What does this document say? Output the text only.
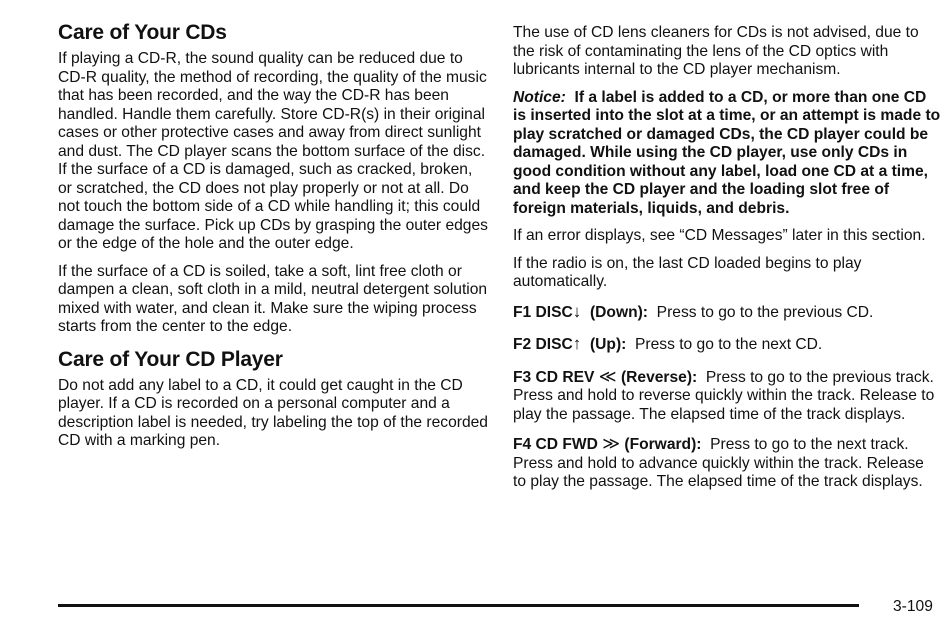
Care of Your CDs

If playing a CD-R, the sound quality can be reduced due to CD-R quality, the method of recording, the quality of the music that has been recorded, and the way the CD-R has been handled. Handle them carefully. Store CD-R(s) in their original cases or other protective cases and away from direct sunlight and dust. The CD player scans the bottom surface of the disc. If the surface of a CD is damaged, such as cracked, broken, or scratched, the CD does not play properly or not at all. Do not touch the bottom side of a CD while handling it; this could damage the surface. Pick up CDs by grasping the outer edges or the edge of the hole and the outer edge.

If the surface of a CD is soiled, take a soft, lint free cloth or dampen a clean, soft cloth in a mild, neutral detergent solution mixed with water, and clean it. Make sure the wiping process starts from the center to the edge.

Care of Your CD Player

Do not add any label to a CD, it could get caught in the CD player. If a CD is recorded on a personal computer and a description label is needed, try labeling the top of the recorded CD with a marking pen.

The use of CD lens cleaners for CDs is not advised, due to the risk of contaminating the lens of the CD optics with lubricants internal to the CD player mechanism.

Notice: If a label is added to a CD, or more than one CD is inserted into the slot at a time, or an attempt is made to play scratched or damaged CDs, the CD player could be damaged. While using the CD player, use only CDs in good condition without any label, load one CD at a time, and keep the CD player and the loading slot free of foreign materials, liquids, and debris.

If an error displays, see “CD Messages” later in this section.

If the radio is on, the last CD loaded begins to play automatically.

F1 DISC↓ (Down): Press to go to the previous CD.

F2 DISC↑ (Up): Press to go to the next CD.

F3 CD REV ≪ (Reverse): Press to go to the previous track. Press and hold to reverse quickly within the track. Release to play the passage. The elapsed time of the track displays.

F4 CD FWD ≫ (Forward): Press to go to the next track. Press and hold to advance quickly within the track. Release to play the passage. The elapsed time of the track displays.

3-109
